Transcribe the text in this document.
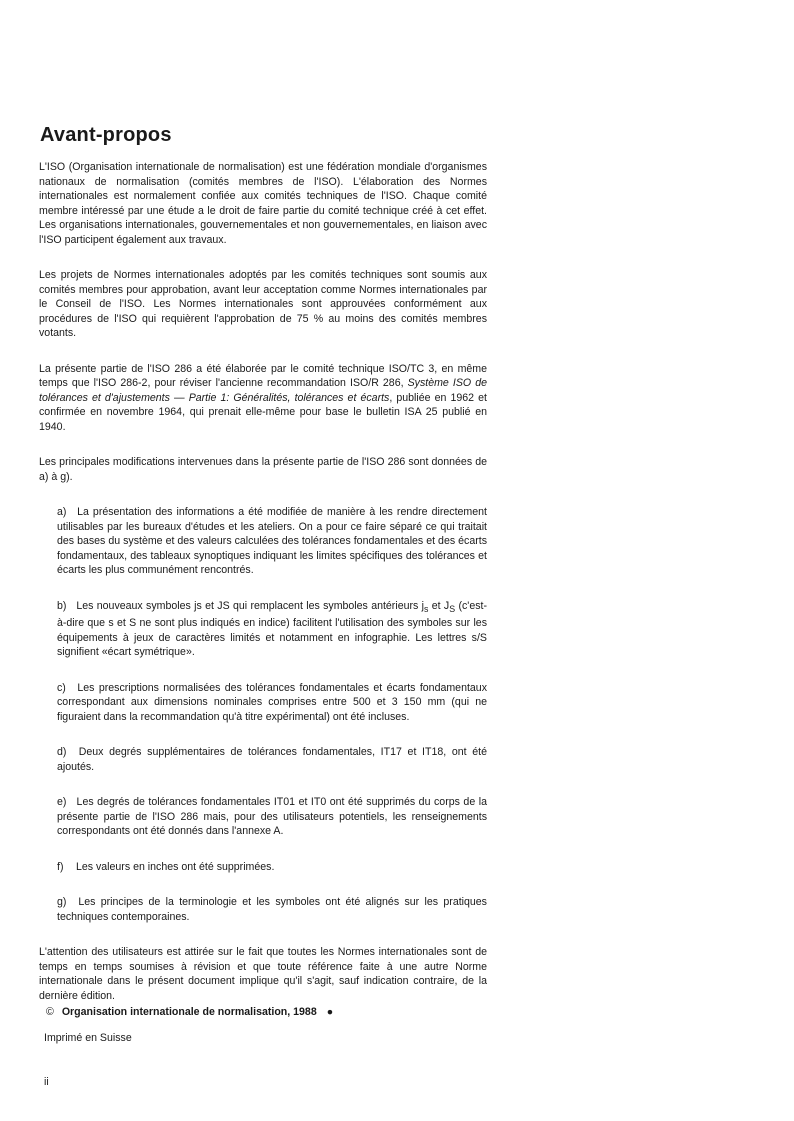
Avant-propos

L'ISO (Organisation internationale de normalisation) est une fédération mondiale d'organismes nationaux de normalisation (comités membres de l'ISO). L'élaboration des Normes internationales est normalement confiée aux comités techniques de l'ISO. Chaque comité membre intéressé par une étude a le droit de faire partie du comité technique créé à cet effet. Les organisations internationales, gouvernementales et non gouvernementales, en liaison avec l'ISO participent également aux travaux.

Les projets de Normes internationales adoptés par les comités techniques sont soumis aux comités membres pour approbation, avant leur acceptation comme Normes internationales par le Conseil de l'ISO. Les Normes internationales sont approuvées conformément aux procédures de l'ISO qui requièrent l'approbation de 75 % au moins des comités membres votants.

La présente partie de l'ISO 286 a été élaborée par le comité technique ISO/TC 3, en même temps que l'ISO 286-2, pour réviser l'ancienne recommandation ISO/R 286, Système ISO de tolérances et d'ajustements — Partie 1: Généralités, tolérances et écarts, publiée en 1962 et confirmée en novembre 1964, qui prenait elle-même pour base le bulletin ISA 25 publié en 1940.

Les principales modifications intervenues dans la présente partie de l'ISO 286 sont données de a) à g).

a) La présentation des informations a été modifiée de manière à les rendre directement utilisables par les bureaux d'études et les ateliers. On a pour ce faire séparé ce qui traitait des bases du système et des valeurs calculées des tolérances fondamentales et des écarts fondamentaux, des tableaux synoptiques indiquant les limites spécifiques des tolérances et écarts les plus communément rencontrés.
b) Les nouveaux symboles js et JS qui remplacent les symboles antérieurs $j_s$ et $J_S$ (c'est-à-dire que s et S ne sont plus indiqués en indice) facilitent l'utilisation des symboles sur les équipements à jeux de caractères limités et notamment en infographie. Les lettres s/S signifient «écart symétrique».
c) Les prescriptions normalisées des tolérances fondamentales et écarts fondamentaux correspondant aux dimensions nominales comprises entre 500 et 3 150 mm (qui ne figuraient dans la recommandation qu'à titre expérimental) ont été incluses.
d) Deux degrés supplémentaires de tolérances fondamentales, IT17 et IT18, ont été ajoutés.
e) Les degrés de tolérances fondamentales IT01 et IT0 ont été supprimés du corps de la présente partie de l'ISO 286 mais, pour des utilisateurs potentiels, les renseignements correspondants ont été donnés dans l'annexe A.
f) Les valeurs en inches ont été supprimées.
g) Les principes de la terminologie et les symboles ont été alignés sur les pratiques techniques contemporaines.

L'attention des utilisateurs est attirée sur le fait que toutes les Normes internationales sont de temps en temps soumises à révision et que toute référence faite à une autre Norme internationale dans le présent document implique qu'il s'agit, sauf indication contraire, de la dernière édition.

© Organisation internationale de normalisation, 1988 ●
Imprimé en Suisse
ii
